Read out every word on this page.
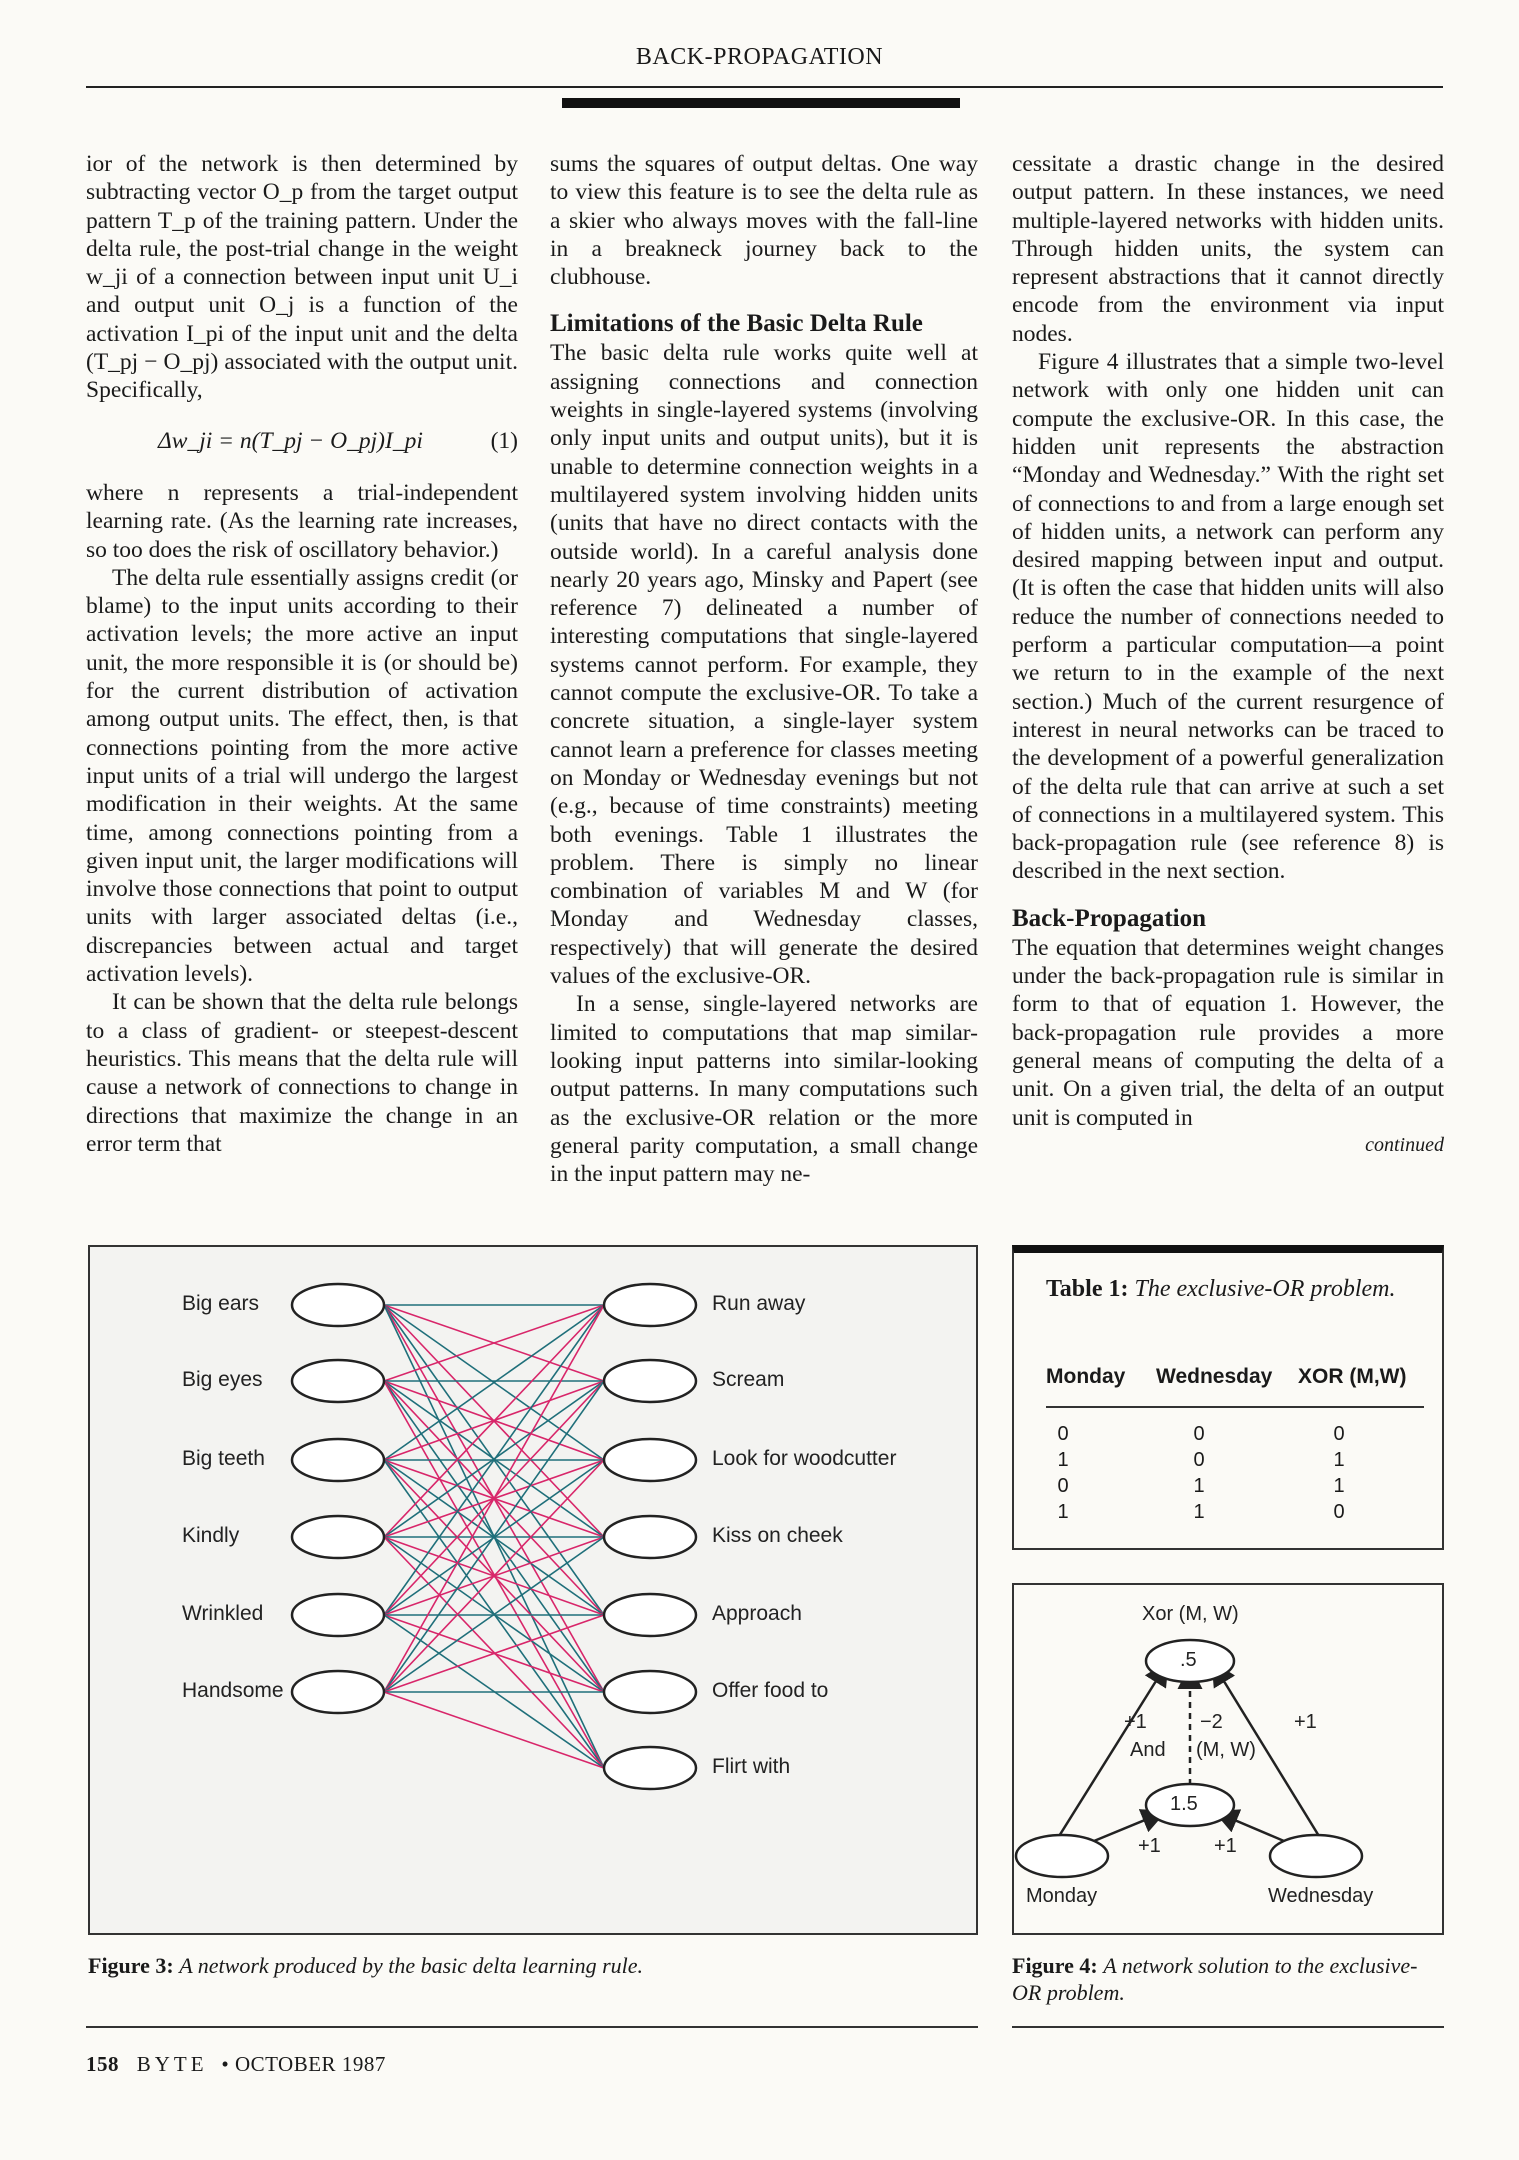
BACK-PROPAGATION

ior of the network is then determined by subtracting vector O_p from the target output pattern T_p of the training pattern. Under the delta rule, the post-trial change in the weight w_ji of a connection between input unit U_i and output unit O_j is a function of the activation I_pi of the input unit and the delta (T_pj − O_pj) associated with the output unit. Specifically,

Δw_ji = n(T_pj − O_pj)I_pi	(1)

where n represents a trial-independent learning rate. (As the learning rate increases, so too does the risk of oscillatory behavior.)

The delta rule essentially assigns credit (or blame) to the input units according to their activation levels; the more active an input unit, the more responsible it is (or should be) for the current distribution of activation among output units. The effect, then, is that connections pointing from the more active input units of a trial will undergo the largest modification in their weights. At the same time, among connections pointing from a given input unit, the larger modifications will involve those connections that point to output units with larger associated deltas (i.e., discrepancies between actual and target activation levels).

It can be shown that the delta rule belongs to a class of gradient- or steepest-descent heuristics. This means that the delta rule will cause a network of connections to change in directions that maximize the change in an error term that

sums the squares of output deltas. One way to view this feature is to see the delta rule as a skier who always moves with the fall-line in a breakneck journey back to the clubhouse.

Limitations of the Basic Delta Rule

The basic delta rule works quite well at assigning connections and connection weights in single-layered systems (involving only input units and output units), but it is unable to determine connection weights in a multilayered system involving hidden units (units that have no direct contacts with the outside world). In a careful analysis done nearly 20 years ago, Minsky and Papert (see reference 7) delineated a number of interesting computations that single-layered systems cannot perform. For example, they cannot compute the exclusive-OR. To take a concrete situation, a single-layer system cannot learn a preference for classes meeting on Monday or Wednesday evenings but not (e.g., because of time constraints) meeting both evenings. Table 1 illustrates the problem. There is simply no linear combination of variables M and W (for Monday and Wednesday classes, respectively) that will generate the desired values of the exclusive-OR.

In a sense, single-layered networks are limited to computations that map similar-looking input patterns into similar-looking output patterns. In many computations such as the exclusive-OR relation or the more general parity computation, a small change in the input pattern may ne-

cessitate a drastic change in the desired output pattern. In these instances, we need multiple-layered networks with hidden units. Through hidden units, the system can represent abstractions that it cannot directly encode from the environment via input nodes.

Figure 4 illustrates that a simple two-level network with only one hidden unit can compute the exclusive-OR. In this case, the hidden unit represents the abstraction “Monday and Wednesday.” With the right set of connections to and from a large enough set of hidden units, a network can perform any desired mapping between input and output. (It is often the case that hidden units will also reduce the number of connections needed to perform a particular computation—a point we return to in the example of the next section.) Much of the current resurgence of interest in neural networks can be traced to the development of a powerful generalization of the delta rule that can arrive at such a set of connections in a multilayered system. This back-propagation rule (see reference 8) is described in the next section.

Back-Propagation

The equation that determines weight changes under the back-propagation rule is similar in form to that of equation 1. However, the back-propagation rule provides a more general means of computing the delta of a unit. On a given trial, the delta of an output unit is computed in

continued
Big ears
Big eyes
Big teeth
Kindly
Wrinkled
Handsome
Run away
Scream
Look for woodcutter
Kiss on cheek
Approach
Offer food to
Flirt with
Figure 3: A network produced by the basic delta learning rule.
Table 1: The exclusive-OR problem.
Monday Wednesday XOR (M,W)
0	0	0
1	0	1
0	1	1
1	1	0
Xor (M, W)
.5
+1	−2	+1
And (M, W)
1.5
+1	+1
Monday	Wednesday
Figure 4: A network solution to the exclusive-OR problem.
158 BYTE • OCTOBER 1987
